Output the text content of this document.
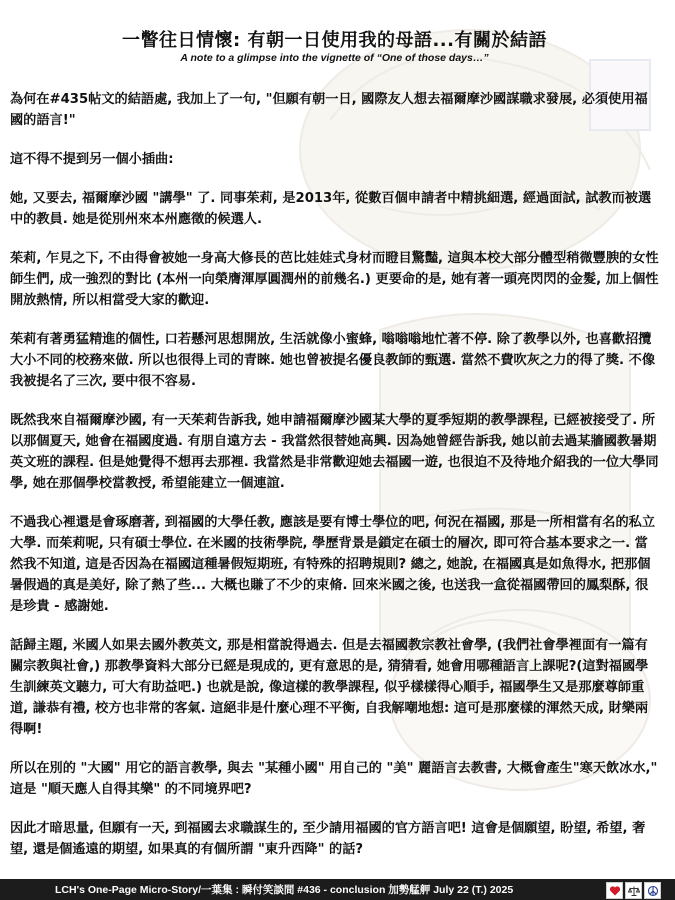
一瞥往日情懷: 有朝一日使用我的母語...有關於結語

A note to a glimpse into the vignette of “One of those days…”

為何在#435帖文的結語處, 我加上了一句, "但願有朝一日, 國際友人想去福爾摩沙國謀職求發展, 必須使用福國的語言!"

這不得不提到另一個小插曲:

她, 又要去, 福爾摩沙國 "講學" 了. 同事茱莉, 是2013年, 從數百個申請者中精挑細選, 經過面試, 試教而被選中的教員. 她是從別州來本州應徵的候選人.

茱莉, 乍見之下, 不由得會被她一身高大修長的芭比娃娃式身材而瞪目驚豔, 這與本校大部分體型稍微豐腴的女性師生們, 成一強烈的對比 (本州一向榮膺渾厚圓潤州的前幾名.) 更要命的是, 她有著一頭亮閃閃的金髮, 加上個性開放熱情, 所以相當受大家的歡迎.

茱莉有著勇猛精進的個性, 口若懸河思想開放, 生活就像小蜜蜂, 嗡嗡嗡地忙著不停. 除了教學以外, 也喜歡招攬大小不同的校務來做. 所以也很得上司的青睞. 她也曾被提名優良教師的甄選. 當然不費吹灰之力的得了獎. 不像我被提名了三次, 要中很不容易.

既然我來自福爾摩沙國, 有一天茱莉告訴我, 她申請福爾摩沙國某大學的夏季短期的教學課程, 已經被接受了. 所以那個夏天, 她會在福國度過. 有朋自遠方去 - 我當然很替她高興. 因為她曾經告訴我, 她以前去過某牆國教暑期英文班的課程. 但是她覺得不想再去那裡. 我當然是非常歡迎她去福國一遊, 也很迫不及待地介紹我的一位大學同學, 她在那個學校當教授, 希望能建立一個連誼.

不過我心裡還是會琢磨著, 到福國的大學任教, 應該是要有博士學位的吧, 何況在福國, 那是一所相當有名的私立大學. 而茱莉呢, 只有碩士學位. 在米國的技術學院, 學歷背景是鎖定在碩士的層次, 即可符合基本要求之一. 當然我不知道, 這是否因為在福國這種暑假短期班, 有特殊的招聘規則? 總之, 她說, 在福國真是如魚得水, 把那個暑假過的真是美好, 除了熱了些... 大概也賺了不少的束脩. 回來米國之後, 也送我一盒從福國帶回的鳳梨酥, 很是珍貴 - 感謝她.

話歸主題, 米國人如果去國外教英文, 那是相當說得過去. 但是去福國教宗教社會學, (我們社會學裡面有一篇有關宗教與社會,) 那教學資料大部分已經是現成的, 更有意思的是, 猜猜看, 她會用哪種語言上課呢?(這對福國學生訓練英文聽力, 可大有助益吧.) 也就是說, 像這樣的教學課程, 似乎樣樣得心順手, 福國學生又是那麼尊師重道, 謙恭有禮, 校方也非常的客氣. 這絕非是什麼心理不平衡, 自我解嘲地想: 這可是那麼樣的渾然天成, 財樂兩得啊!

所以在別的 "大國" 用它的語言教學, 與去 "某種小國" 用自己的 "美" 麗語言去教書, 大概會產生"寒天飲冰水," 這是 "順天應人自得其樂" 的不同境界吧?

因此才暗思量, 但願有一天, 到福國去求職謀生的, 至少請用福國的官方語言吧! 這會是個願望, 盼望, 希望, 奢望, 還是個遙遠的期望, 如果真的有個所謂 "東升西降" 的話?

LCH's One-Page Micro-Story/一葉集 : 瞬付笑談間 #436 - conclusion 加勢艋舺 July 22 (T.) 2025
